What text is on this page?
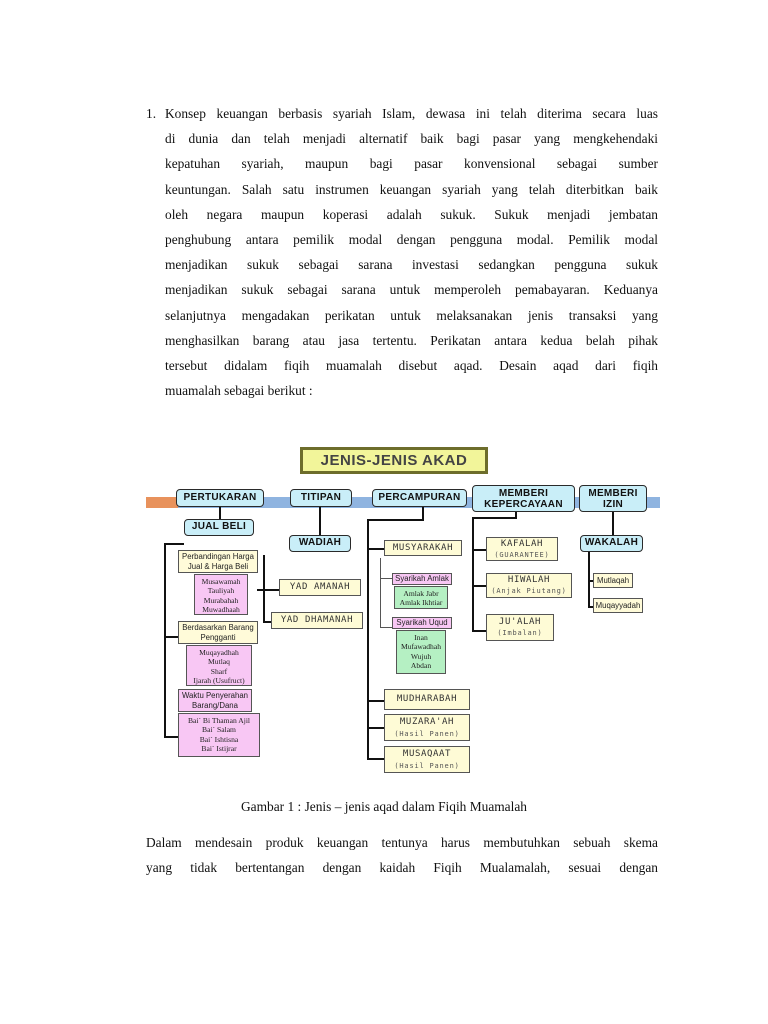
1. Konsep keuangan berbasis syariah Islam, dewasa ini telah diterima secara luas
di dunia dan telah menjadi alternatif baik bagi pasar yang mengkehendaki
kepatuhan syariah, maupun bagi pasar konvensional sebagai sumber
keuntungan. Salah satu instrumen keuangan syariah yang telah diterbitkan baik
oleh negara maupun koperasi adalah sukuk. Sukuk menjadi jembatan
penghubung antara pemilik modal dengan pengguna modal. Pemilik modal
menjadikan sukuk sebagai sarana investasi sedangkan pengguna sukuk
menjadikan sukuk sebagai sarana untuk memperoleh pemabayaran. Keduanya
selanjutnya mengadakan perikatan untuk melaksanakan jenis transaksi yang
menghasilkan barang atau jasa tertentu. Perikatan antara kedua belah pihak
tersebut didalam fiqih muamalah disebut aqad. Desain aqad dari fiqih
muamalah sebagai berikut :
JENIS-JENIS AKAD
PERTUKARAN	TITIPAN	PERCAMPURAN	MEMBERI
KEPERCAYAAN
MEMBERI
IZIN
JUAL BELI
WADIAH	WAKALAH
Perbandingan Harga
Jual & Harga Beli
Musawamah
Tauliyah
Murabahah
Muwadhaah
Berdasarkan Barang
Pengganti
Muqayadhah
Mutlaq
Sharf
Ijarah (Usufruct)
Waktu Penyerahan
Barang/Dana
Bai` Bi Thaman Ajil
Bai` Salam
Bai` Ishtisna
Bai` Istijrar
YAD AMANAH
YAD DHAMANAH
MUSYARAKAH
Syarikah Amlak
Amlak Jabr
Amlak Ikhtiar
Syarikah Uqud
Inan
Mufawadhah
Wujuh
Abdan
MUDHARABAH
MUZARA'AH
(Hasil Panen)
MUSAQAAT
(Hasil Panen)
KAFALAH
(GUARANTEE)
HIWALAH
(Anjak Piutang)
JU'ALAH
(Imbalan)
Mutlaqah
Muqayyadah

Gambar 1 : Jenis – jenis aqad dalam Fiqih Muamalah

Dalam mendesain produk keuangan tentunya harus membutuhkan sebuah skema
yang tidak bertentangan dengan kaidah Fiqih Mualamalah, sesuai dengan
